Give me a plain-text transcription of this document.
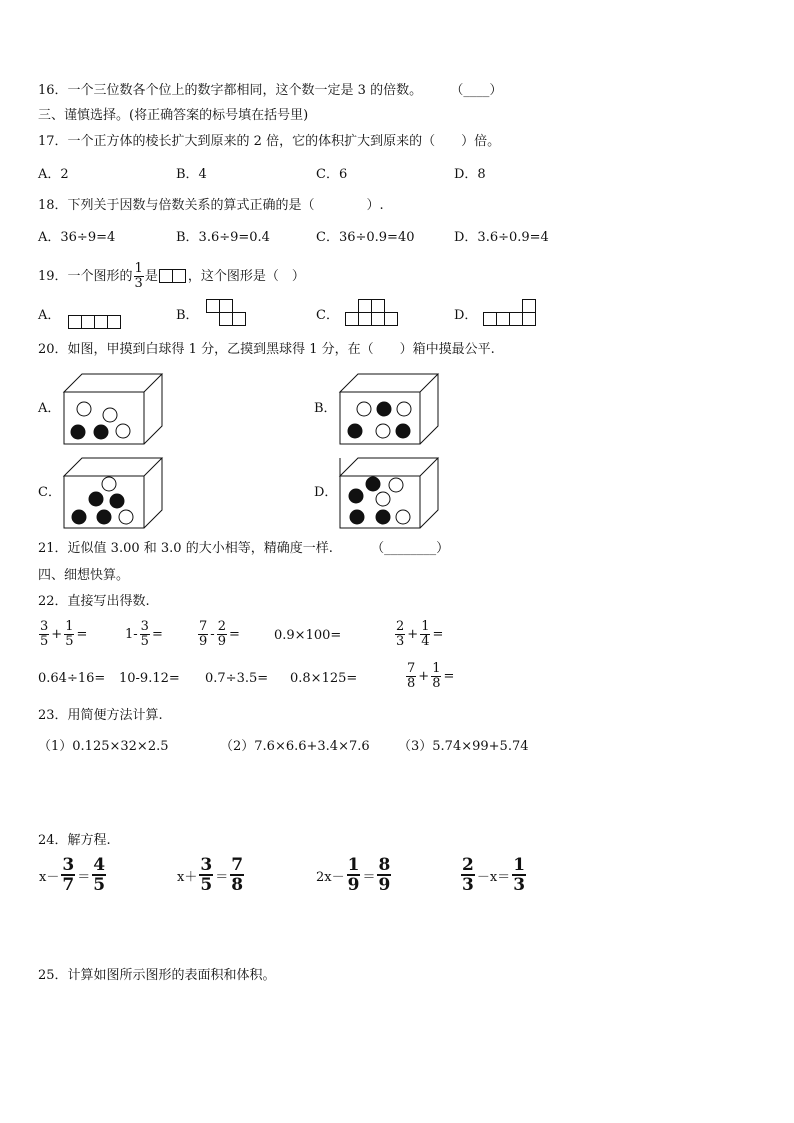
16．一个三位数各个位上的数字都相同，这个数一定是 3 的倍数。 （____）
三、谨慎选择。(将正确答案的标号填在括号里)
17．一个正方体的棱长扩大到原来的 2 倍，它的体积扩大到原来的（　　）倍。
A．2	B．4	C．6	D．8
18．下列关于因数与倍数关系的算式正确的是（　　　　）.
A．36÷9=4	B．3.6÷9=0.4	C．36÷0.9=40	D．3.6÷0.9=4
19．一个图形的 $\frac{1}{3}$ 是 ，这个图形是（　）
A．	B．	C．	D．
20．如图，甲摸到白球得 1 分，乙摸到黑球得 1 分，在（　　）箱中摸最公平.
A．	B．
C．	D．
21．近似值 3.00 和 3.0 的大小相等，精确度一样.	（________）
四、细想快算。
22．直接写出得数.
$\frac{3}{5} + \frac{1}{5}$ =	$1- \frac{3}{5}$ =	$\frac{7}{9} - \frac{2}{9}$ =	0.9×100=	$\frac{2}{3} + \frac{1}{4}$ =
0.64÷16= 10-9.12= 0.7÷3.5= 0.8×125=	$\frac{7}{8} + \frac{1}{8}$ =
23．用简便方法计算.
（1）0.125×32×2.5	（2）7.6×6.6+3.4×7.6 （3）5.74×99+5.74
24．解方程.
$x- \frac{3}{7} = \frac{4}{5}$	$x+ \frac{3}{5} = \frac{7}{8}$	$2x- \frac{1}{9} = \frac{8}{9}$	$\frac{2}{3} -x= \frac{1}{3}$
25．计算如图所示图形的表面积和体积。
